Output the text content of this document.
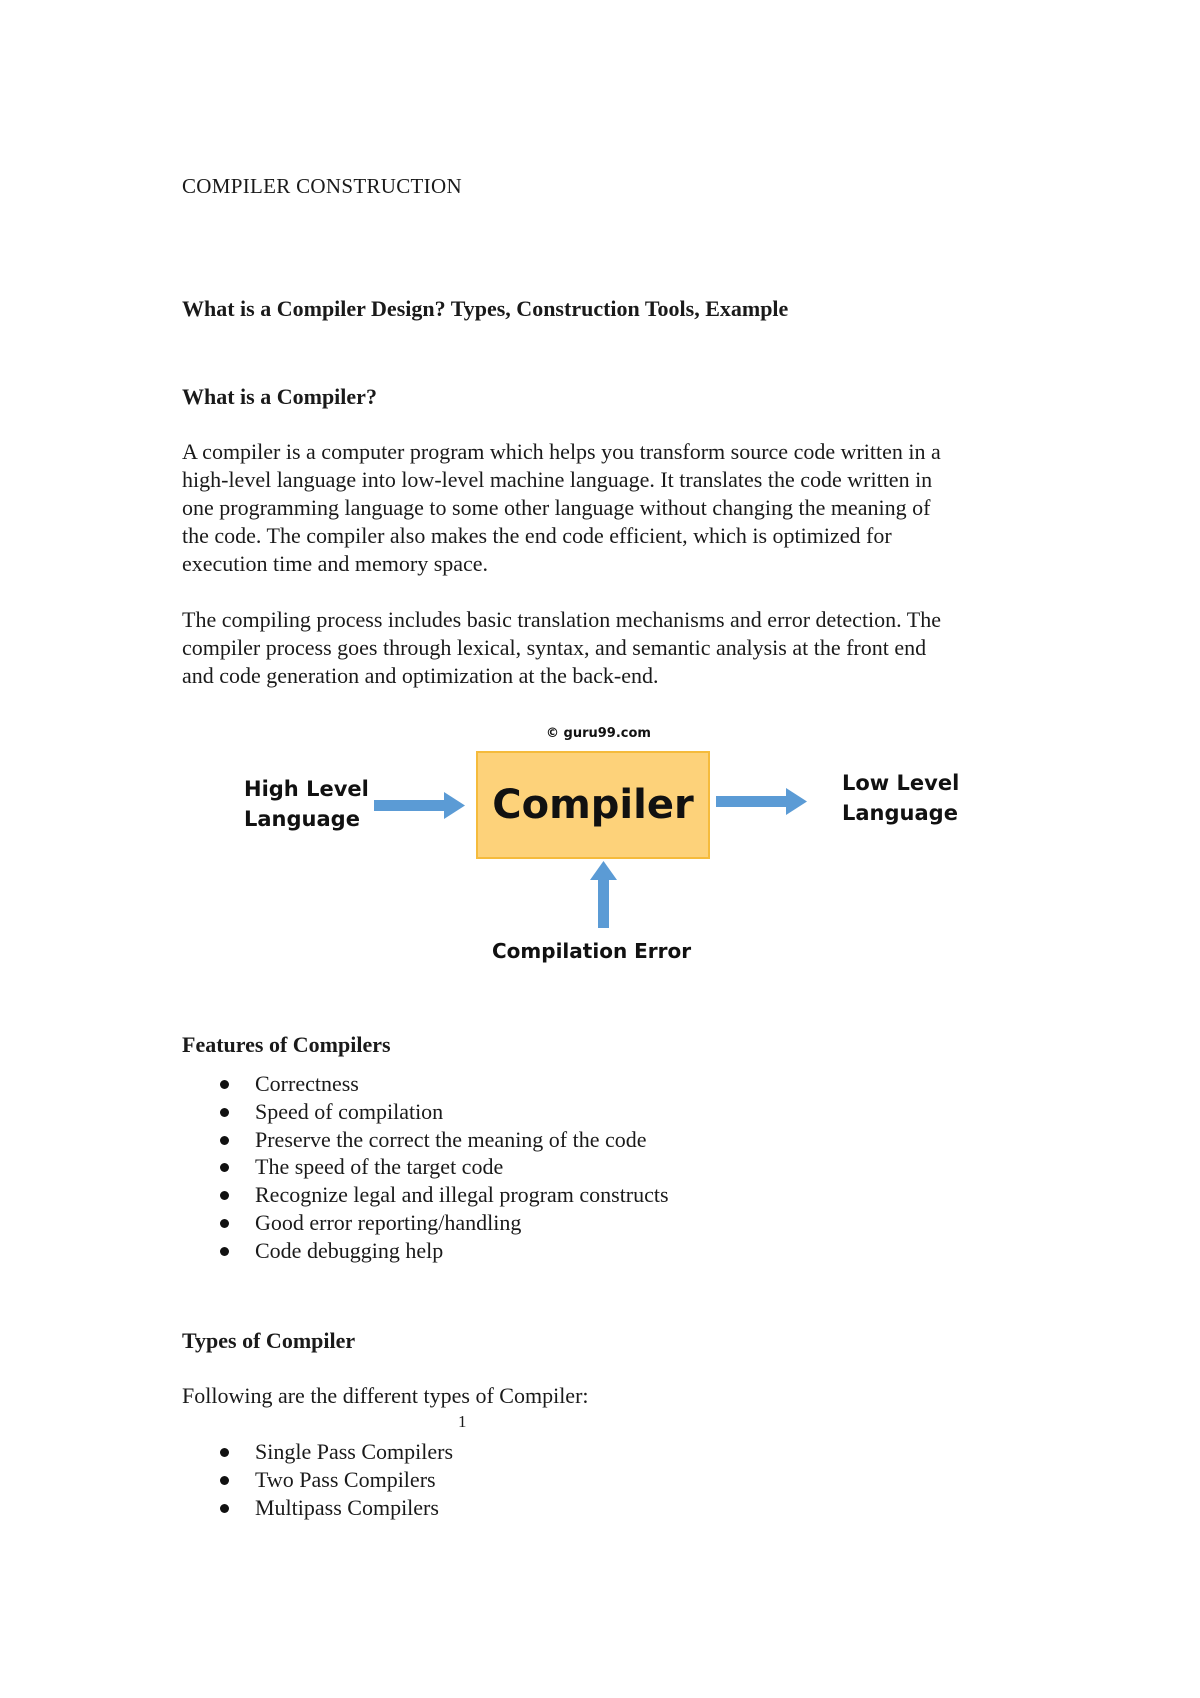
COMPILER CONSTRUCTION
What is a Compiler Design? Types, Construction Tools, Example
What is a Compiler?
A compiler is a computer program which helps you transform source code written in a
high-level language into low-level machine language. It translates the code written in
one programming language to some other language without changing the meaning of
the code. The compiler also makes the end code efficient, which is optimized for
execution time and memory space.
The compiling process includes basic translation mechanisms and error detection. The
compiler process goes through lexical, syntax, and semantic analysis at the front end
and code generation and optimization at the back-end.
© guru99.com
Compiler
High Level
Language
Low Level
Language
Compilation Error
Features of Compilers
Correctness
Speed of compilation
Preserve the correct the meaning of the code
The speed of the target code
Recognize legal and illegal program constructs
Good error reporting/handling
Code debugging help
Types of Compiler
Following are the different types of Compiler:
1
Single Pass Compilers
Two Pass Compilers
Multipass Compilers
